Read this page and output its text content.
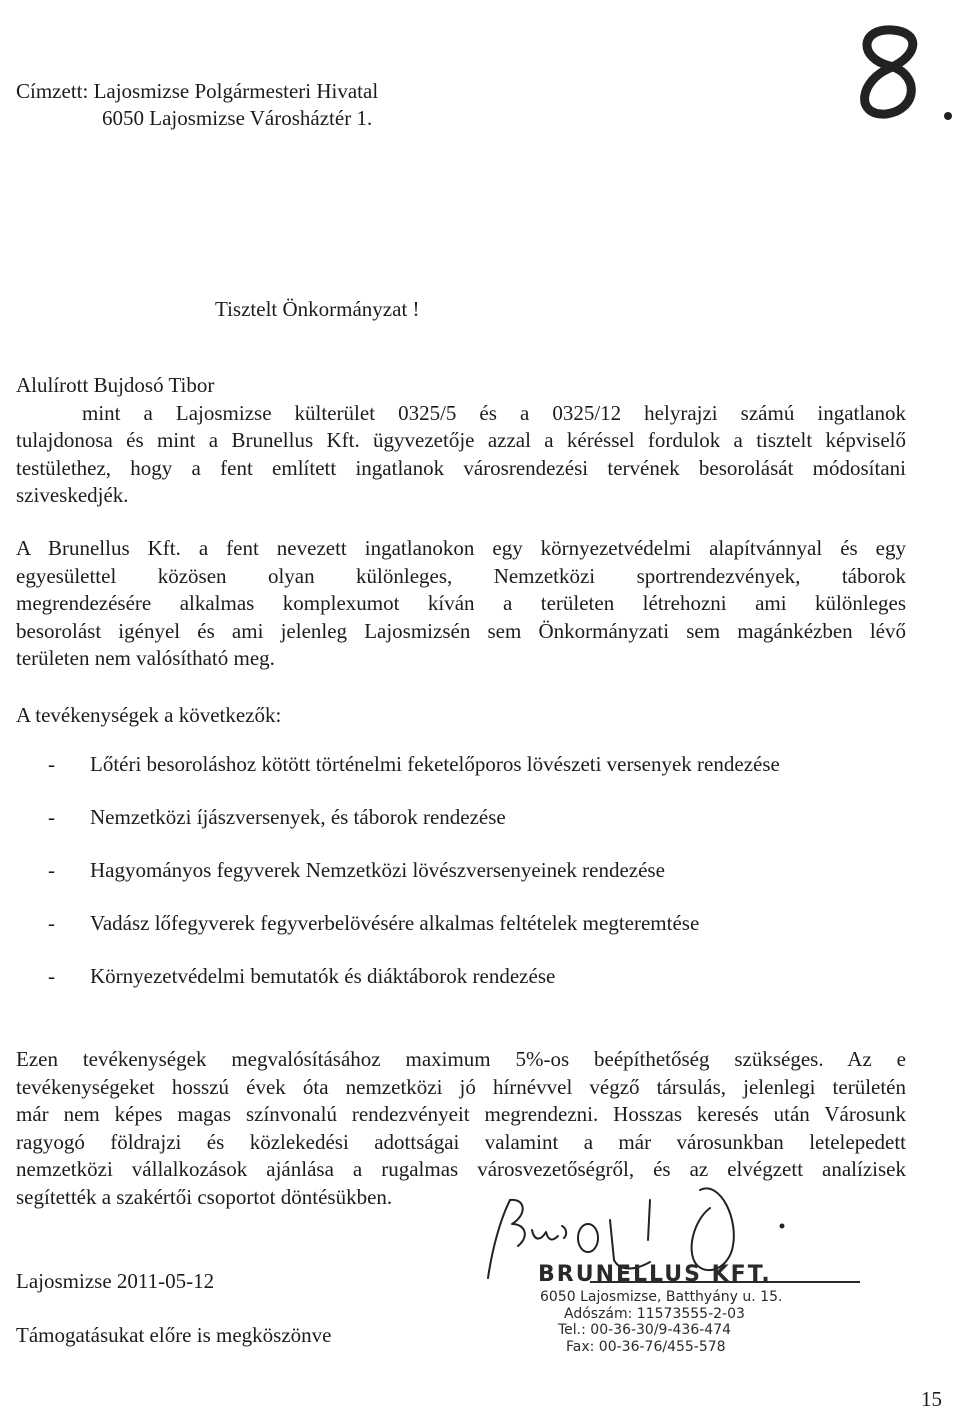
Címzett: Lajosmizse Polgármesteri Hivatal
6050 Lajosmizse Városháztér 1.
Tisztelt Önkormányzat !
Alulírott Bujdosó Tibor
mint a Lajosmizse külterület 0325/5 és a 0325/12 helyrajzi számú ingatlanok
tulajdonosa és mint a Brunellus Kft. ügyvezetője azzal a kéréssel fordulok a tisztelt képviselő
testülethez, hogy a fent említett ingatlanok városrendezési tervének besorolását módosítani
sziveskedjék.
A Brunellus Kft. a fent nevezett ingatlanokon egy környezetvédelmi alapítvánnyal és egy
egyesülettel közösen olyan különleges, Nemzetközi sportrendezvények, táborok
megrendezésére alkalmas komplexumot kíván a területen létrehozni ami különleges
besorolást igényel és ami jelenleg Lajosmizsén sem Önkormányzati sem magánkézben lévő
területen nem valósítható meg.
A tevékenységek a következők:
-	Lőtéri besoroláshoz kötött történelmi feketelőporos lövészeti versenyek rendezése
-	Nemzetközi íjászversenyek, és táborok rendezése
-	Hagyományos fegyverek Nemzetközi lövészversenyeinek rendezése
-	Vadász lőfegyverek fegyverbelövésére alkalmas feltételek megteremtése
-	Környezetvédelmi bemutatók és diáktáborok rendezése
Ezen tevékenységek megvalósításához maximum 5%-os beépíthetőség szükséges. Az e
tevékenységeket hosszú évek óta nemzetközi jó hírnévvel végző társulás, jelenlegi területén
már nem képes magas színvonalú rendezvényeit megrendezni. Hosszas keresés után Városunk
ragyogó földrajzi és közlekedési adottságai valamint a már városunkban letelepedett
nemzetközi vállalkozások ajánlása a rugalmas városvezetőségről, és az elvégzett analízisek
segítették a szakértői csoportot döntésükben.
Lajosmizse 2011-05-12
Támogatásukat előre is megköszönve
BRUNELLUS KFT.
6050 Lajosmizse, Batthyány u. 15.
Adószám: 11573555-2-03
Tel.: 00-36-30/9-436-474
Fax: 00-36-76/455-578
15
